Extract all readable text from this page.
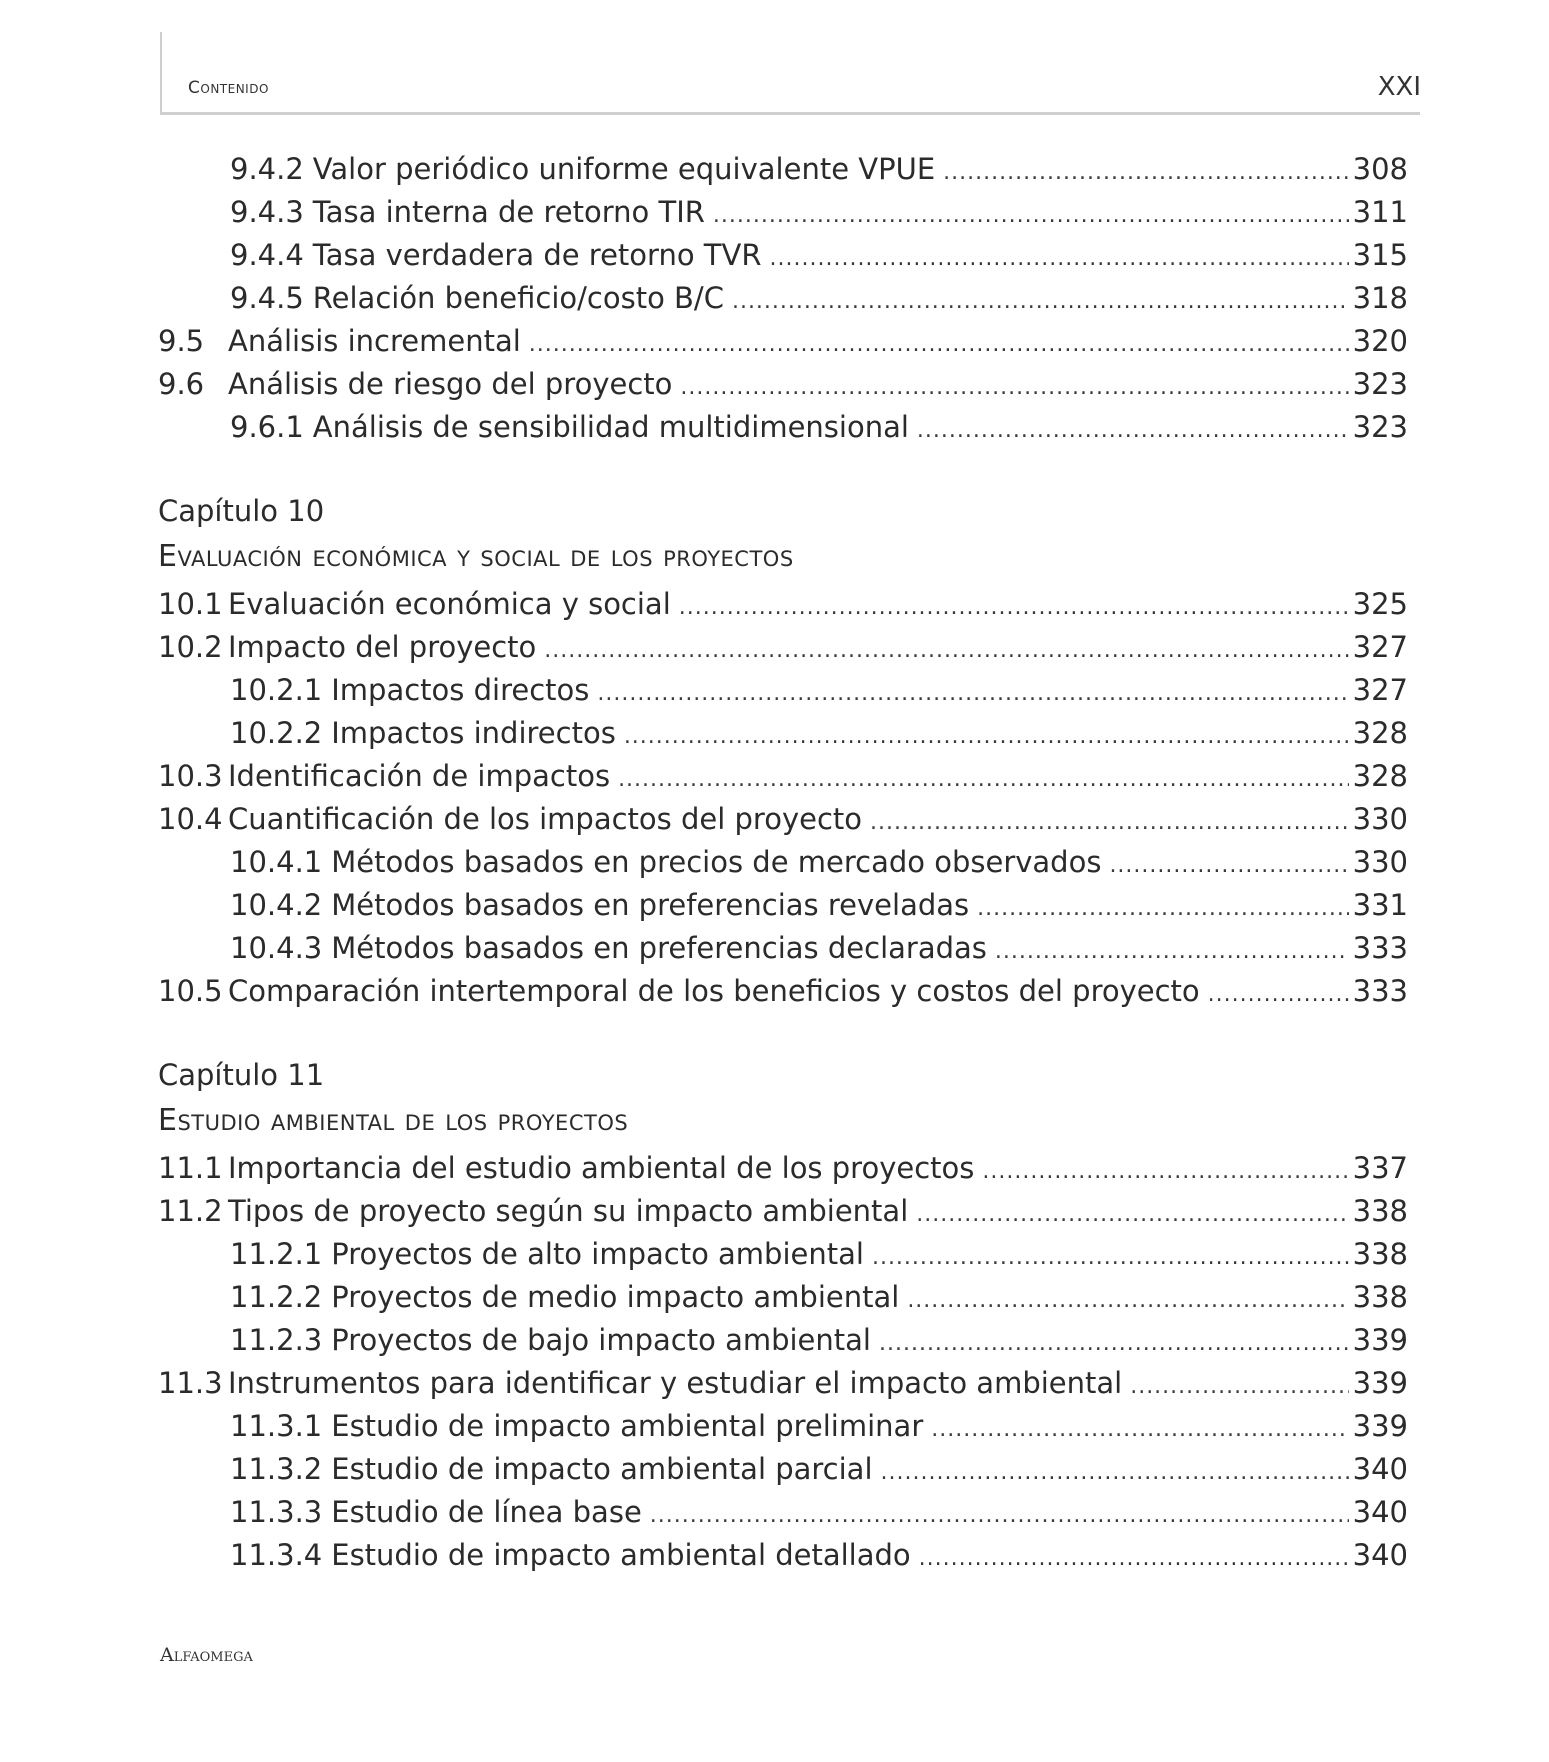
Contenido	XXI
9.4.2 Valor periódico uniforme equivalente VPUE .....	308
9.4.3 Tasa interna de retorno TIR .....	311
9.4.4 Tasa verdadera de retorno TVR .....	315
9.4.5 Relación beneficio/costo B/C .....	318
9.5 Análisis incremental .....	320
9.6 Análisis de riesgo del proyecto .....	323
9.6.1 Análisis de sensibilidad multidimensional .....	323
Capítulo 10
Evaluación económica y social de los proyectos
10.1 Evaluación económica y social .....	325
10.2 Impacto del proyecto .....	327
10.2.1 Impactos directos .....	327
10.2.2 Impactos indirectos .....	328
10.3 Identificación de impactos .....	328
10.4 Cuantificación de los impactos del proyecto .....	330
10.4.1 Métodos basados en precios de mercado observados .....	330
10.4.2 Métodos basados en preferencias reveladas .....	331
10.4.3 Métodos basados en preferencias declaradas .....	333
10.5 Comparación intertemporal de los beneficios y costos del proyecto .....	333
Capítulo 11
Estudio ambiental de los proyectos
11.1 Importancia del estudio ambiental de los proyectos .....	337
11.2 Tipos de proyecto según su impacto ambiental .....	338
11.2.1 Proyectos de alto impacto ambiental .....	338
11.2.2 Proyectos de medio impacto ambiental .....	338
11.2.3 Proyectos de bajo impacto ambiental .....	339
11.3 Instrumentos para identificar y estudiar el impacto ambiental .....	339
11.3.1 Estudio de impacto ambiental preliminar .....	339
11.3.2 Estudio de impacto ambiental parcial .....	340
11.3.3 Estudio de línea base .....	340
11.3.4 Estudio de impacto ambiental detallado .....	340
Alfaomega
